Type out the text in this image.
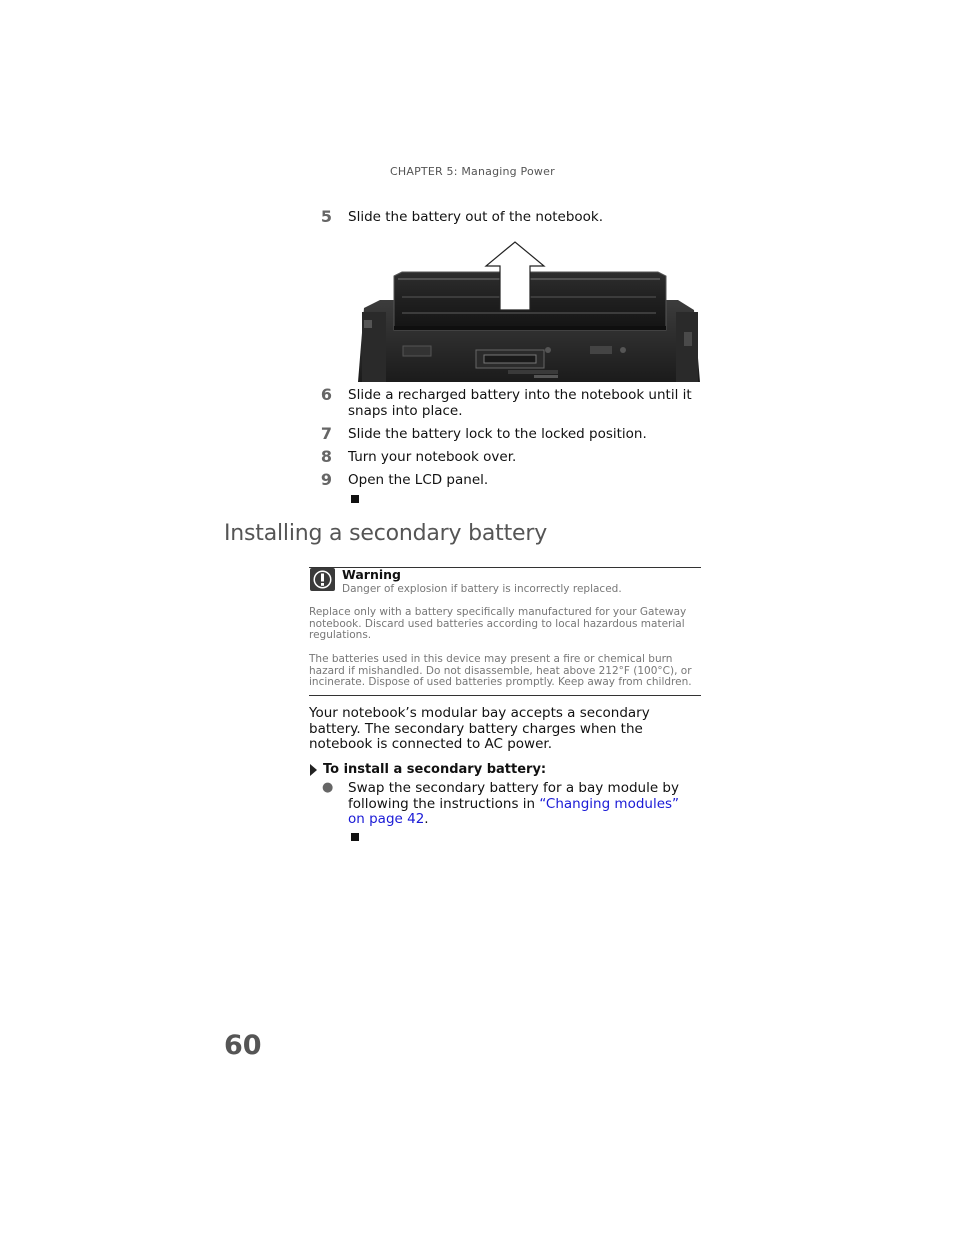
CHAPTER 5: Managing Power
5 Slide the battery out of the notebook.
6 Slide a recharged battery into the notebook until it snaps into place.
7 Slide the battery lock to the locked position.
8 Turn your notebook over.
9 Open the LCD panel.
Installing a secondary battery
Warning
Danger of explosion if battery is incorrectly replaced.
Replace only with a battery specifically manufactured for your Gateway notebook. Discard used batteries according to local hazardous material regulations.
The batteries used in this device may present a fire or chemical burn hazard if mishandled. Do not disassemble, heat above 212°F (100°C), or incinerate. Dispose of used batteries promptly. Keep away from children.
Your notebook’s modular bay accepts a secondary battery. The secondary battery charges when the notebook is connected to AC power.
To install a secondary battery:
● Swap the secondary battery for a bay module by following the instructions in “Changing modules” on page 42.
60
